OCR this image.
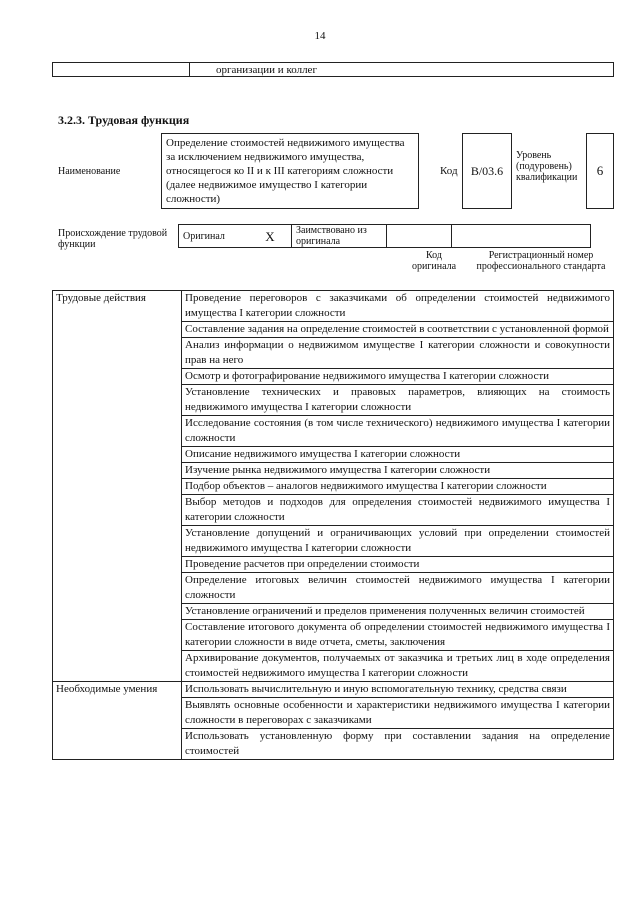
14
	организации и коллег
3.2.3. Трудовая функция
Наименование
Определение стоимостей недвижимого имущества за исключением недвижимого имущества, относящегося ко II и к III категориям сложности (далее недвижимое имущество I категории сложности)
Код	B/03.6
Уровень (подуровень) квалификации	6
Происхождение трудовой функции
Оригинал	X	Заимствовано из оригинала		
Код оригинала
Регистрационный номер профессионального стандарта
Трудовые действия	Проведение переговоров с заказчиками об определении стоимостей недвижимого имущества I категории сложности
	Составление задания на определение стоимостей в соответствии с установленной формой
	Анализ информации о недвижимом имуществе I категории сложности и совокупности прав на него
	Осмотр и фотографирование недвижимого имущества I категории сложности
	Установление технических и правовых параметров, влияющих на стоимость недвижимого имущества I категории сложности
	Исследование состояния (в том числе технического) недвижимого имущества I категории сложности
	Описание недвижимого имущества I категории сложности
	Изучение рынка недвижимого имущества I категории сложности
	Подбор объектов – аналогов недвижимого имущества I категории сложности
	Выбор методов и подходов для определения стоимостей недвижимого имущества I категории сложности
	Установление допущений и ограничивающих условий при определении стоимостей недвижимого имущества I категории сложности
	Проведение расчетов при определении стоимости
	Определение итоговых величин стоимостей недвижимого имущества I категории сложности
	Установление ограничений и пределов применения полученных величин стоимостей
	Составление итогового документа об определении стоимостей недвижимого имущества I категории сложности в виде отчета, сметы, заключения
	Архивирование документов, получаемых от заказчика и третьих лиц в ходе определения стоимостей недвижимого имущества I категории сложности
Необходимые умения	Использовать вычислительную и иную вспомогательную технику, средства связи
	Выявлять основные особенности и характеристики недвижимого имущества I категории сложности в переговорах с заказчиками
	Использовать установленную форму при составлении задания на определение стоимостей
